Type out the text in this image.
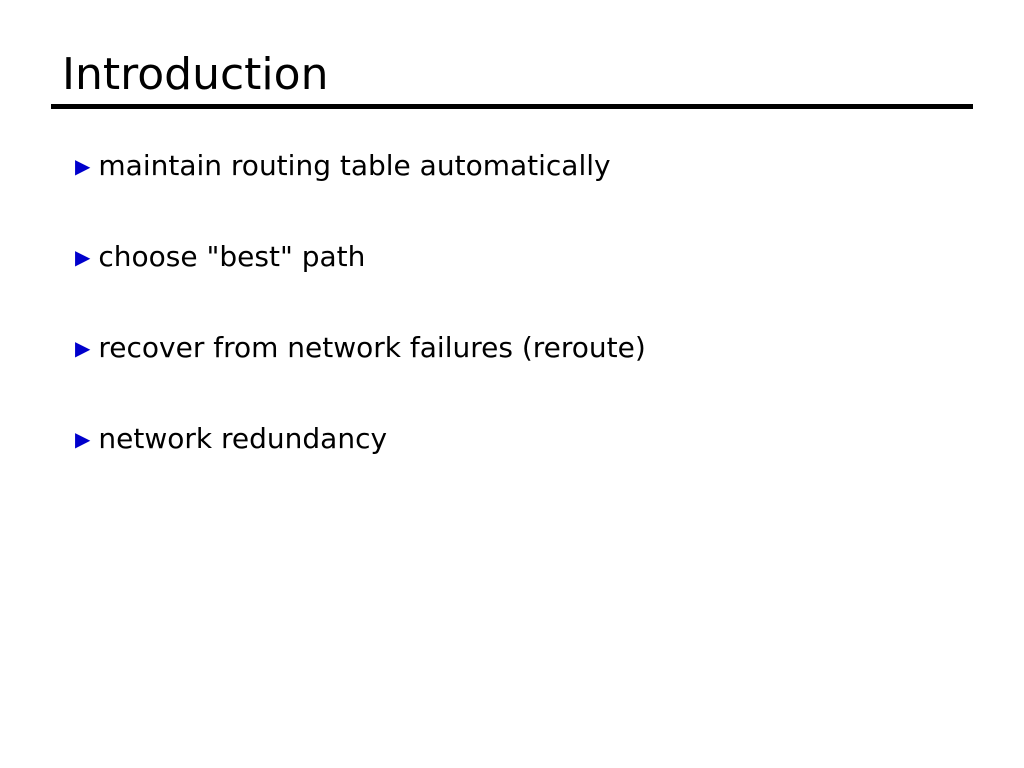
Introduction
▶ maintain routing table automatically
▶ choose "best" path
▶ recover from network failures (reroute)
▶ network redundancy
